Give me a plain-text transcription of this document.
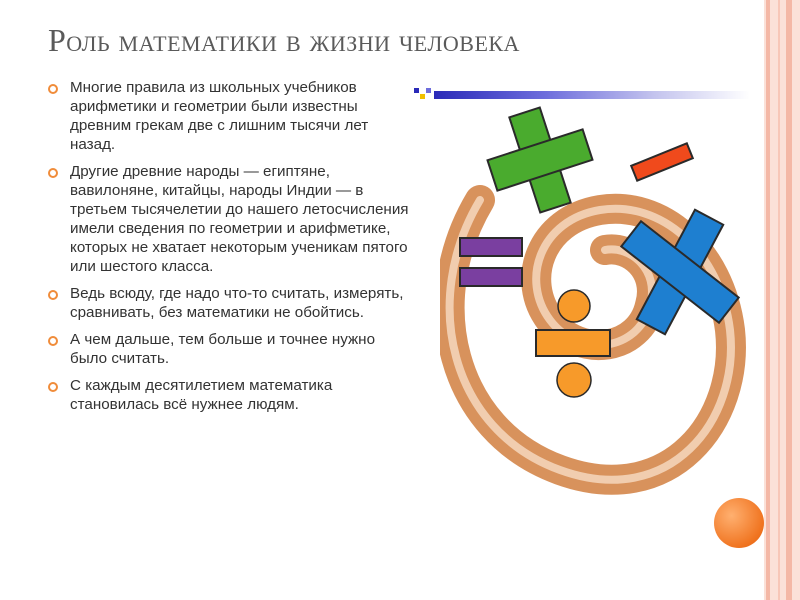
Роль математики в жизни человека
Многие правила из школьных учебников арифметики и геометрии были известны древним грекам две с лишним тысячи лет назад.
Другие древние народы — египтяне, вавилоняне, китайцы, народы Индии — в третьем тысячелетии до нашего летосчисления имели сведения по геометрии и арифметике, которых не хватает некоторым ученикам пятого или шестого класса.
Ведь всюду, где надо что-то считать, измерять, сравнивать, без математики не обойтись.
А чем дальше, тем больше и точнее нужно было считать.
С каждым десятилетием математика становилась всё нужнее людям.
